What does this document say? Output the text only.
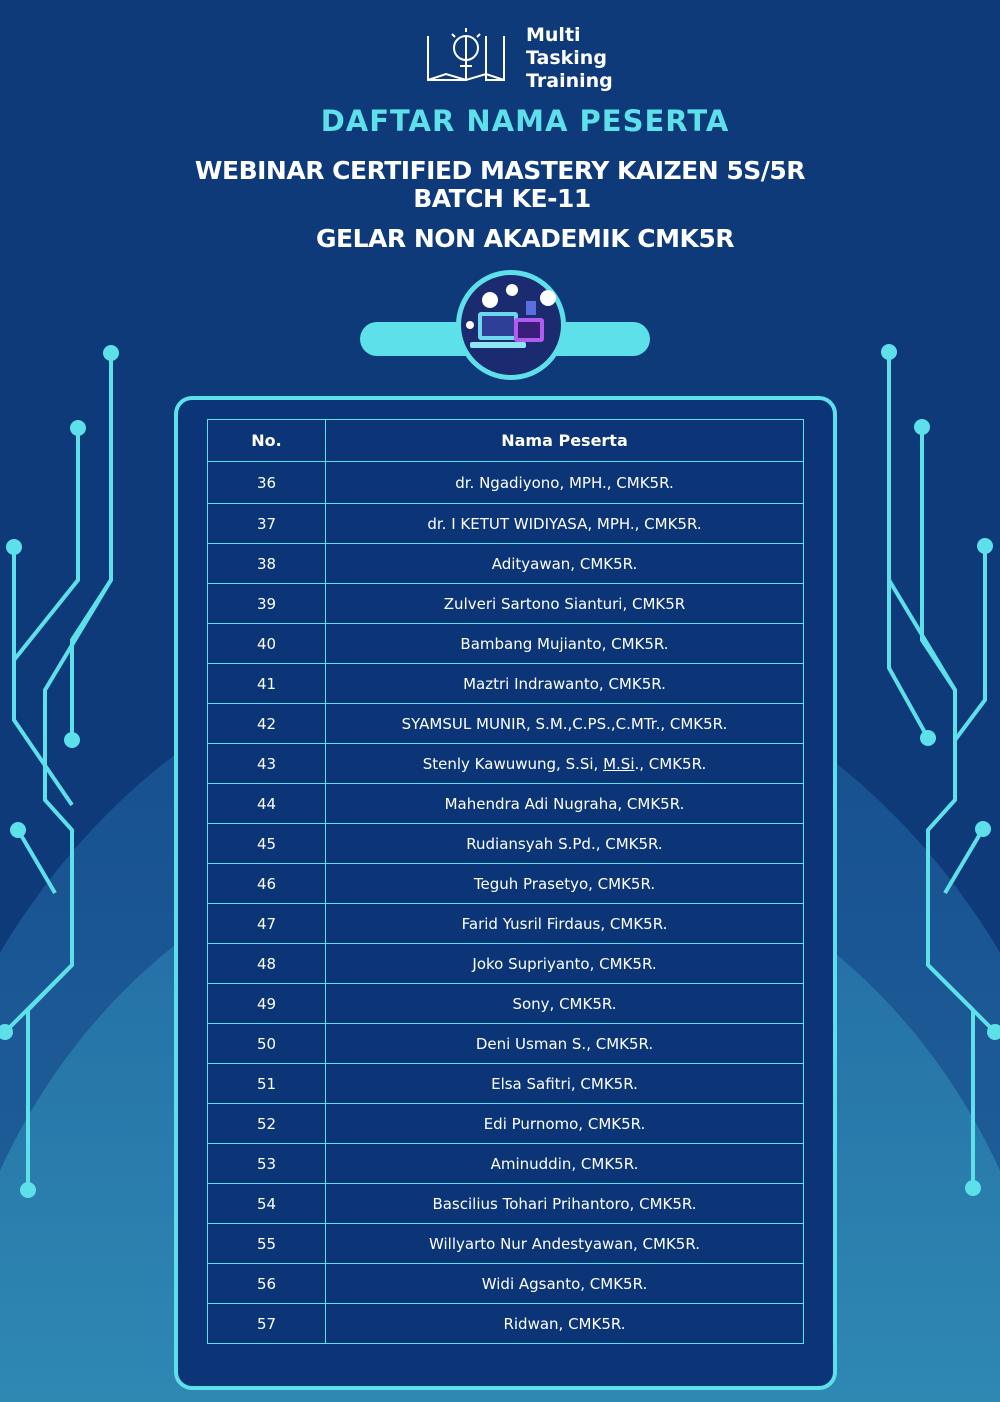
Multi
Tasking
Training
DAFTAR NAMA PESERTA
WEBINAR CERTIFIED MASTERY KAIZEN 5S/5R
BATCH KE-11
GELAR NON AKADEMIK CMK5R
No.	Nama Peserta
36	dr. Ngadiyono, MPH., CMK5R.
37	dr. I KETUT WIDIYASA, MPH., CMK5R.
38	Adityawan, CMK5R.
39	Zulveri Sartono Sianturi, CMK5R
40	Bambang Mujianto, CMK5R.
41	Maztri Indrawanto, CMK5R.
42	SYAMSUL MUNIR, S.M.,C.PS.,C.MTr., CMK5R.
43	Stenly Kawuwung, S.Si, M.Si., CMK5R.
44	Mahendra Adi Nugraha, CMK5R.
45	Rudiansyah S.Pd., CMK5R.
46	Teguh Prasetyo, CMK5R.
47	Farid Yusril Firdaus, CMK5R.
48	Joko Supriyanto, CMK5R.
49	Sony, CMK5R.
50	Deni Usman S., CMK5R.
51	Elsa Safitri, CMK5R.
52	Edi Purnomo, CMK5R.
53	Aminuddin, CMK5R.
54	Bascilius Tohari Prihantoro, CMK5R.
55	Willyarto Nur Andestyawan, CMK5R.
56	Widi Agsanto, CMK5R.
57	Ridwan, CMK5R.
